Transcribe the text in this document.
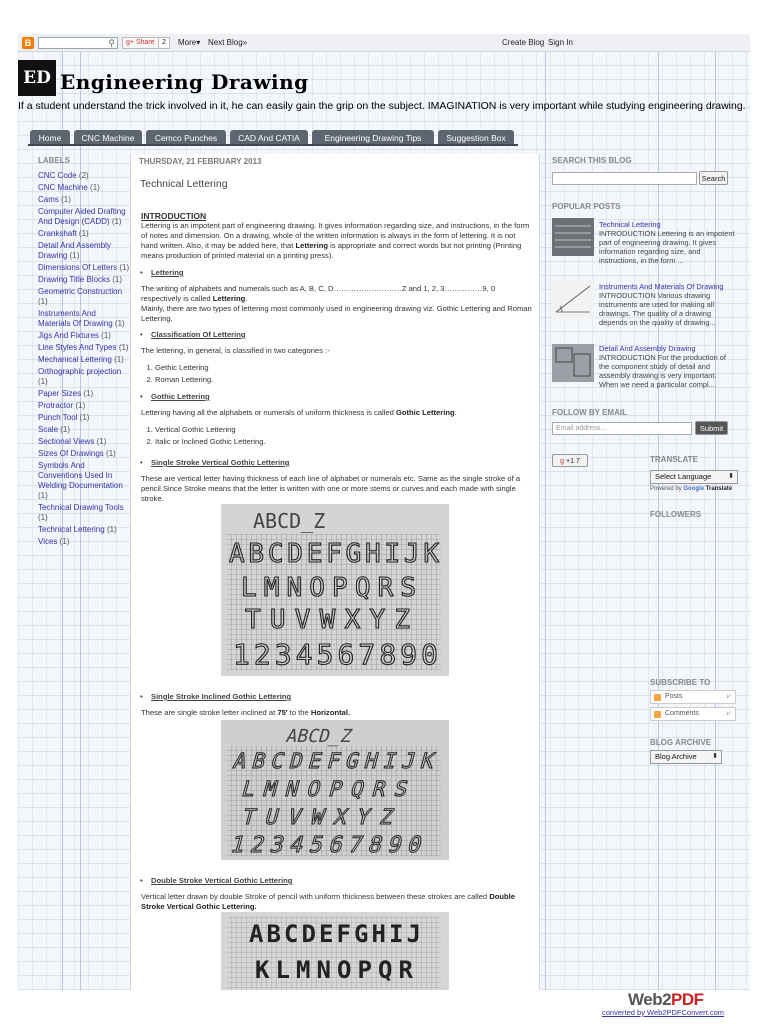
B	⚲	g+ Share	2	More▾ Next Blog»	Create Blog Sign In
ED Engineering Drawing
If a student understand the trick involved in it, he can easily gain the grip on the subject. IMAGINATION is very important while studying engineering drawing.
Home	CNC Machine	Cemco Punches	CAD And CATIA	Engineering Drawing Tips	Suggestion Box
LABELS
CNC Code (2)
CNC Machine (1)
Cams (1)
Computer Aided Drafting And Design (CADD) (1)
Crankshaft (1)
Detail And Assembly Drawing (1)
Dimensions Of Letters (1)
Drawing Title Blocks (1)
Geometric Construction (1)
Instruments And Materials Of Drawing (1)
Jigs And Fixtures (1)
Line Styles And Types (1)
Mechanical Lettering (1)
Orthographic projection (1)
Paper Sizes (1)
Protractor (1)
Punch Tool (1)
Scale (1)
Sectional Views (1)
Sizes Of Drawings (1)
Symbols And Conventions Used In Welding Documentation (1)
Technical Drawing Tools (1)
Technical Lettering (1)
Vices (1)
THURSDAY, 21 FEBRUARY 2013
Technical Lettering
INTRODUCTION
Lettering is an impotent part of engineering drawing. It gives information regarding size, and instructions, in the form of notes and dimension. On a drawing, whole of the written information is always in the form of lettering. It is not hand written. Also, it may be added here, that Lettering is appropriate and correct words but not printing (Printing means production of printed material on a printing press).
• Lettering
The writing of alphabets and numerals such as A, B, C, D………………………Z and 1, 2, 3……………9, 0 respectively is called Lettering.
Mainly, there are two types of lettering most commonly used in engineering drawing viz. Gothic Lettering and Roman Lettering.
• Classification Of Lettering
The lettering, in general, is classified in two categories :-
1. Gethic Lettering
2. Roman Lettering.
• Gothic Lettering
Lettering having all the alphabets or numerals of uniform thickness is called Gothic Lettering.
1. Vertical Gothic Lettering
2. Italic or Inclined Gothic Lettering.
• Single Stroke Vertical Gothic Lettering
These are vertical letter having thickness of each line of alphabet or numerals etc. Same as the single stroke of a pencil.Since Stroke means that the letter is written with one or more stems or curves and each made with single stroke.
ABCD_Z
ABCDEFGHIJK
LMNOPQRS
TUVWXYZ
1234567890
• Single Stroke Inclined Gothic Lettering
These are single stroke letter inclined at 75' to the Horizontal.
ABCD_Z
ABCDEFGHIJK
LMNOPQRS
TUVWXYZ
1234567890
• Double Stroke Vertical Gothic Lettering
Vertical letter drawn by double Stroke of pencil with uniform thickness between these strokes are called Double Stroke Vertical Gothic Lettering.
ABCDEFGHIJ
KLMNOPQR
SEARCH THIS BLOG
Search
POPULAR POSTS
Technical Lettering
INTRODUCTION Lettering is an impotent part of engineering drawing. It gives information regarding size, and instructions, in the form ...
Instruments And Materials Of Drawing
INTRODUCTION Various drawing instruments are used for making all drawings. The quality of a drawing depends on the quality of drawing...
Detail And Assembly Drawing
INTRODUCTION For the production of the component study of detail and assembly drawing is very important. When we need a particular compl...
FOLLOW BY EMAIL
Email address...	Submit
g +1 7	TRANSLATE
Select Language ⬍
Powered by Google Translate
FOLLOWERS
SUBSCRIBE TO
Posts	⩗
Comments	⩗
BLOG ARCHIVE
Blog Archive ⬍
Web2PDF
converted by Web2PDFConvert.com
